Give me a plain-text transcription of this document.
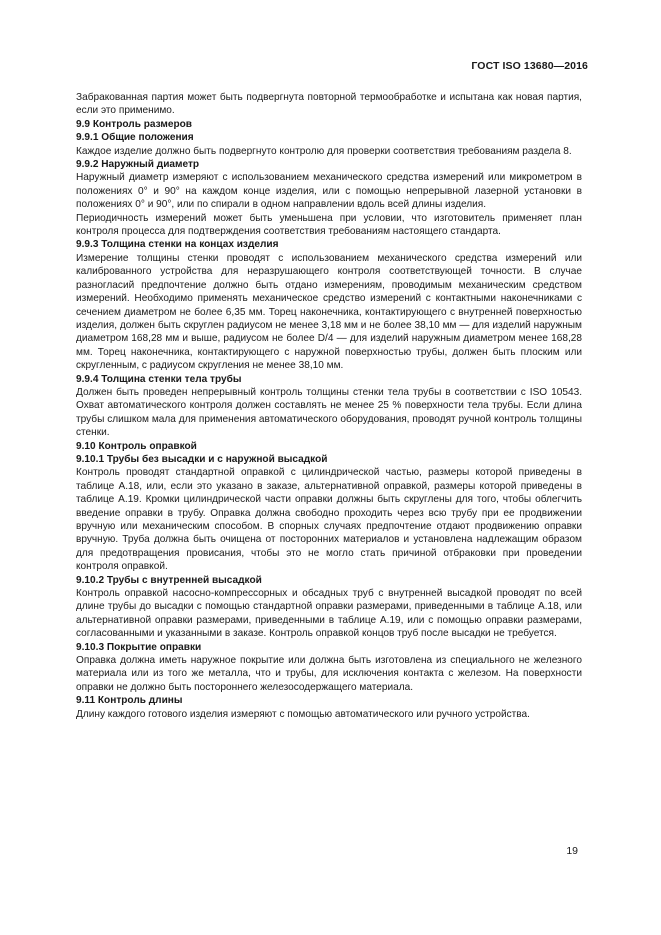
ГОСТ ISO 13680—2016

Забракованная партия может быть подвергнута повторной термообработке и испытана как новая партия, если это применимо.

9.9 Контроль размеров

9.9.1 Общие положения

Каждое изделие должно быть подвергнуто контролю для проверки соответствия требованиям раздела 8.

9.9.2 Наружный диаметр

Наружный диаметр измеряют с использованием механического средства измерений или микрометром в положениях 0° и 90° на каждом конце изделия, или с помощью непрерывной лазерной установки в положениях 0° и 90°, или по спирали в одном направлении вдоль всей длины изделия.

Периодичность измерений может быть уменьшена при условии, что изготовитель применяет план контроля процесса для подтверждения соответствия требованиям настоящего стандарта.

9.9.3 Толщина стенки на концах изделия

Измерение толщины стенки проводят с использованием механического средства измерений или калиброванного устройства для неразрушающего контроля соответствующей точности. В случае разногласий предпочтение должно быть отдано измерениям, проводимым механическим средством измерений. Необходимо применять механическое средство измерений с контактными наконечниками с сечением диаметром не более 6,35 мм. Торец наконечника, контактирующего с внутренней поверхностью изделия, должен быть скруглен радиусом не менее 3,18 мм и не более 38,10 мм — для изделий наружным диаметром 168,28 мм и выше, радиусом не более D/4 — для изделий наружным диаметром менее 168,28 мм. Торец наконечника, контактирующего с наружной поверхностью трубы, должен быть плоским или скругленным, с радиусом скругления не менее 38,10 мм.

9.9.4 Толщина стенки тела трубы

Должен быть проведен непрерывный контроль толщины стенки тела трубы в соответствии с ISO 10543. Охват автоматического контроля должен составлять не менее 25 % поверхности тела трубы. Если длина трубы слишком мала для применения автоматического оборудования, проводят ручной контроль толщины стенки.

9.10 Контроль оправкой

9.10.1 Трубы без высадки и с наружной высадкой

Контроль проводят стандартной оправкой с цилиндрической частью, размеры которой приведены в таблице А.18, или, если это указано в заказе, альтернативной оправкой, размеры которой приведены в таблице А.19. Кромки цилиндрической части оправки должны быть скруглены для того, чтобы облегчить введение оправки в трубу. Оправка должна свободно проходить через всю трубу при ее продвижении вручную или механическим способом. В спорных случаях предпочтение отдают продвижению оправки вручную. Труба должна быть очищена от посторонних материалов и установлена надлежащим образом для предотвращения провисания, чтобы это не могло стать причиной отбраковки при проведении контроля оправкой.

9.10.2 Трубы с внутренней высадкой

Контроль оправкой насосно-компрессорных и обсадных труб с внутренней высадкой проводят по всей длине трубы до высадки с помощью стандартной оправки размерами, приведенными в таблице А.18, или альтернативной оправки размерами, приведенными в таблице А.19, или с помощью оправки размерами, согласованными и указанными в заказе. Контроль оправкой концов труб после высадки не требуется.

9.10.3 Покрытие оправки

Оправка должна иметь наружное покрытие или должна быть изготовлена из специального не железного материала или из того же металла, что и трубы, для исключения контакта с железом. На поверхности оправки не должно быть постороннего железосодержащего материала.

9.11 Контроль длины

Длину каждого готового изделия измеряют с помощью автоматического или ручного устройства.

19
